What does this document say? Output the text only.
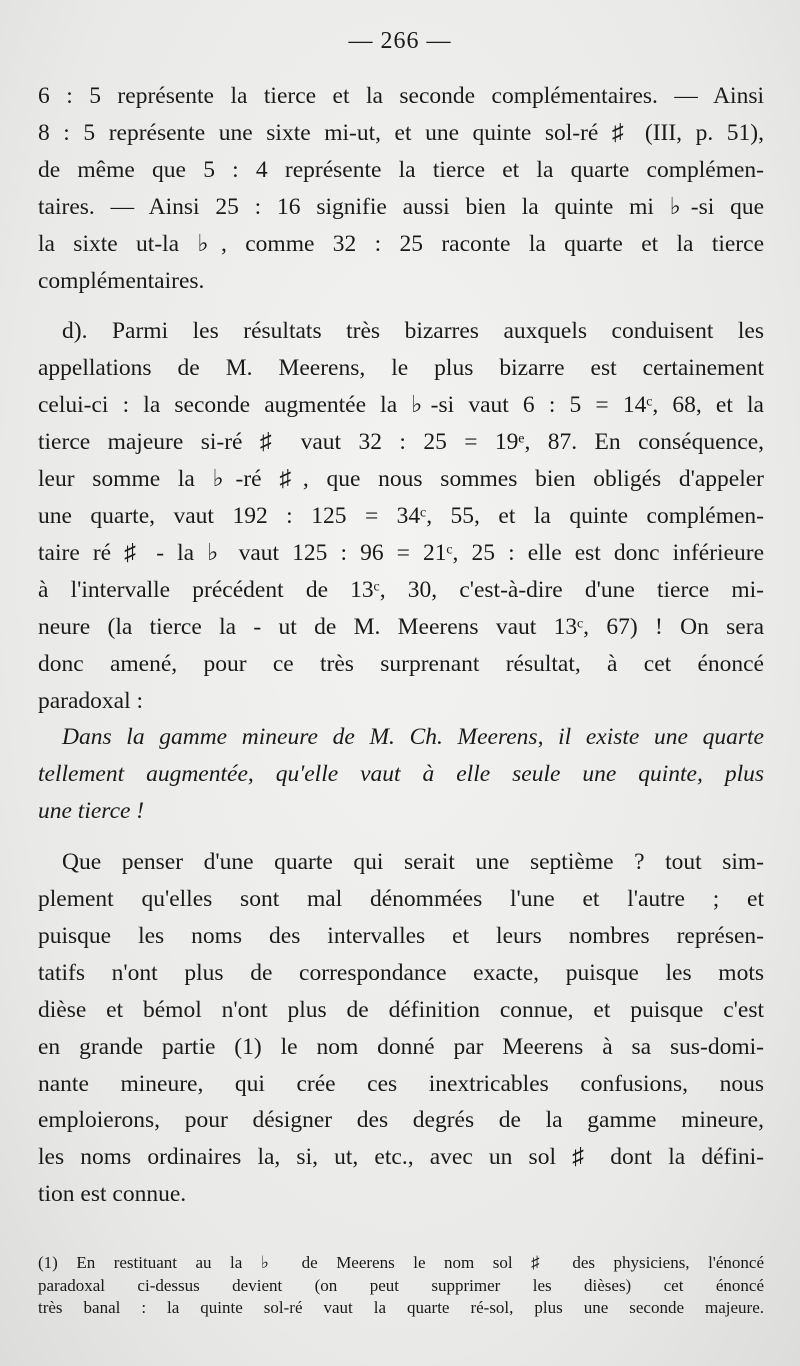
— 266 —

6 : 5 représente la tierce et la seconde complémentaires. — Ainsi
8 : 5 représente une sixte mi-ut, et une quinte sol-ré ♯ (III, p. 51),
de même que 5 : 4 représente la tierce et la quarte complémen-
taires. — Ainsi 25 : 16 signifie aussi bien la quinte mi ♭-si que
la sixte ut-la ♭, comme 32 : 25 raconte la quarte et la tierce
complémentaires.

d). Parmi les résultats très bizarres auxquels conduisent les
appellations de M. Meerens, le plus bizarre est certainement
celui-ci : la seconde augmentée la ♭-si vaut 6 : 5 = 14ᶜ, 68, et la
tierce majeure si-ré ♯ vaut 32 : 25 = 19ᵉ, 87. En conséquence,
leur somme la ♭-ré ♯, que nous sommes bien obligés d'appeler
une quarte, vaut 192 : 125 = 34ᶜ, 55, et la quinte complémen-
taire ré ♯ - la ♭ vaut 125 : 96 = 21ᶜ, 25 : elle est donc inférieure
à l'intervalle précédent de 13ᶜ, 30, c'est-à-dire d'une tierce mi-
neure (la tierce la - ut de M. Meerens vaut 13ᶜ, 67) ! On sera
donc amené, pour ce très surprenant résultat, à cet énoncé
paradoxal :

Dans la gamme mineure de M. Ch. Meerens, il existe une quarte
tellement augmentée, qu'elle vaut à elle seule une quinte, plus
une tierce !

Que penser d'une quarte qui serait une septième ? tout sim-
plement qu'elles sont mal dénommées l'une et l'autre ; et
puisque les noms des intervalles et leurs nombres représen-
tatifs n'ont plus de correspondance exacte, puisque les mots
dièse et bémol n'ont plus de définition connue, et puisque c'est
en grande partie (1) le nom donné par Meerens à sa sus-domi-
nante mineure, qui crée ces inextricables confusions, nous
emploierons, pour désigner des degrés de la gamme mineure,
les noms ordinaires la, si, ut, etc., avec un sol ♯ dont la défini-
tion est connue.

(1) En restituant au la ♭ de Meerens le nom sol ♯ des physiciens, l'énoncé
paradoxal ci-dessus devient (on peut supprimer les dièses) cet énoncé
très banal : la quinte sol-ré vaut la quarte ré-sol, plus une seconde majeure.
